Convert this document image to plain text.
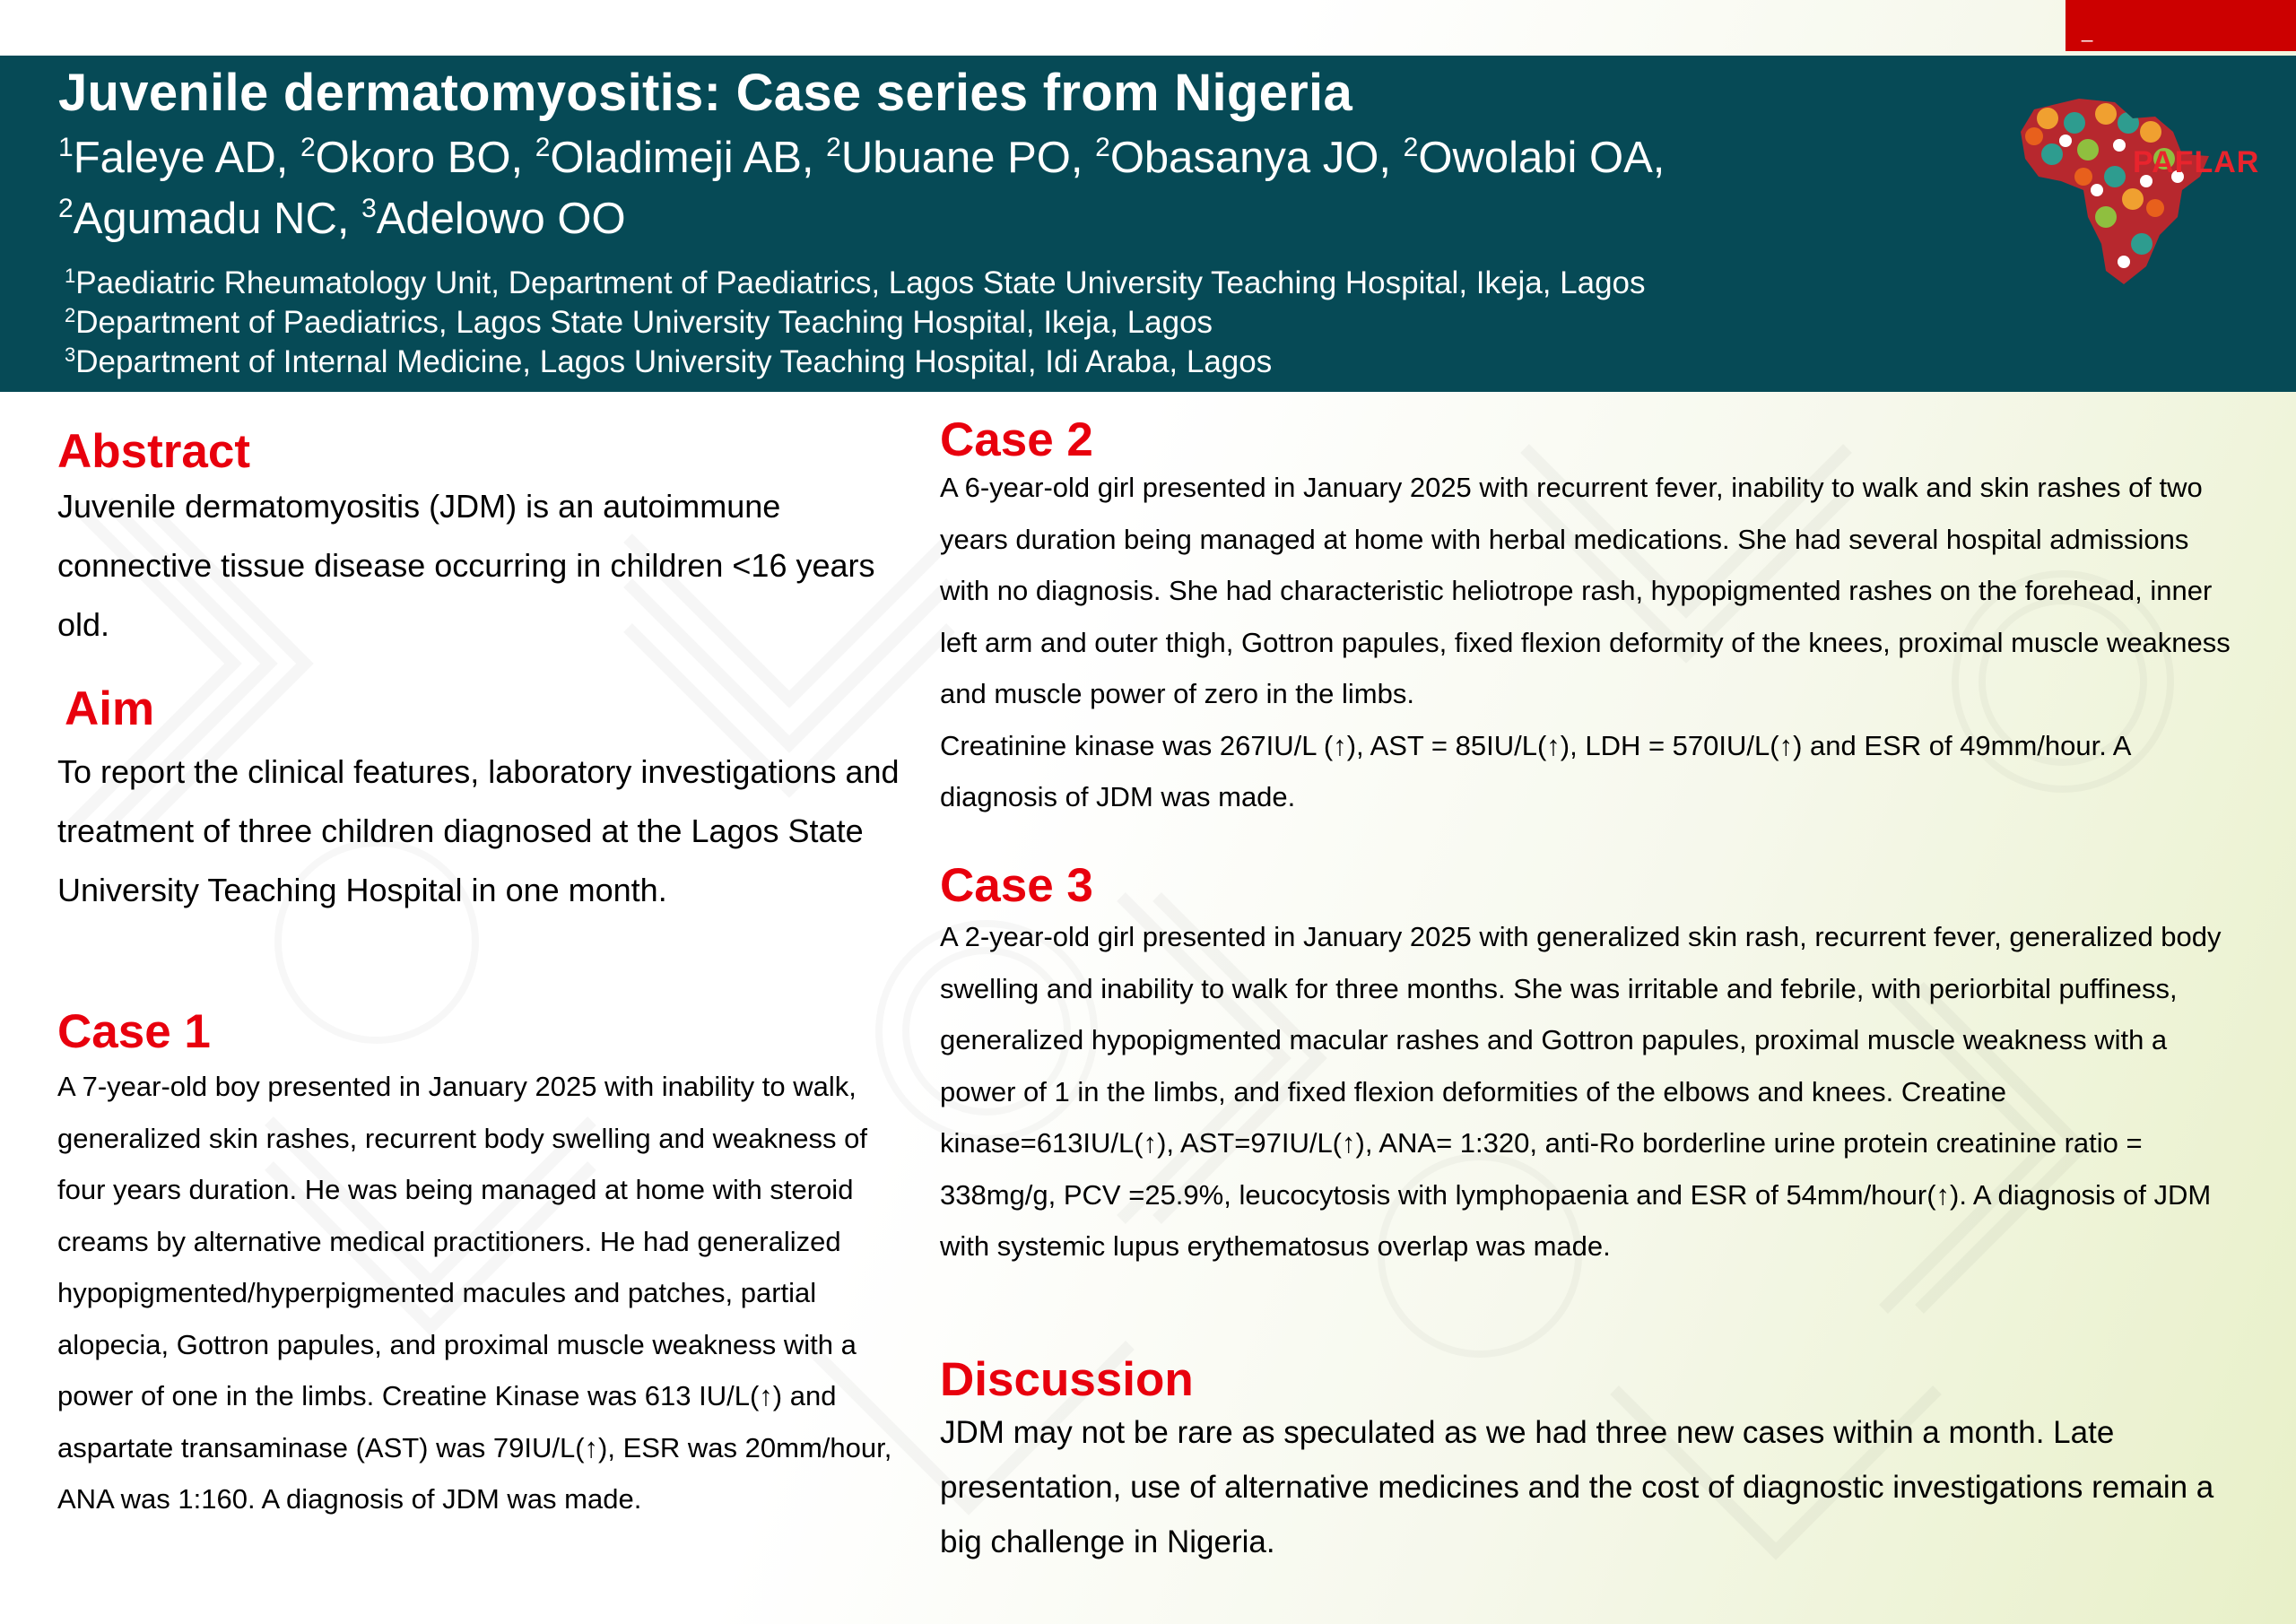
_
Juvenile dermatomyositis: Case series from Nigeria
$^1$Faleye AD, $^2$Okoro BO, $^2$Oladimeji AB, $^2$Ubuane PO, $^2$Obasanya JO, $^2$Owolabi OA,
$^2$Agumadu NC, $^3$Adelowo OO
$^1$Paediatric Rheumatology Unit, Department of Paediatrics, Lagos State University Teaching Hospital, Ikeja, Lagos
$^2$Department of Paediatrics, Lagos State University Teaching Hospital, Ikeja, Lagos
$^3$Department of Internal Medicine, Lagos University Teaching Hospital, Idi Araba, Lagos
PAFLAR
Abstract
Juvenile dermatomyositis (JDM) is an autoimmune connective tissue disease occurring in children <16 years old.
Aim
To report the clinical features, laboratory investigations and treatment of three children diagnosed at the Lagos State University Teaching Hospital in one month.
Case 1
A 7-year-old boy presented in January 2025 with inability to walk, generalized skin rashes, recurrent body swelling and weakness of four years duration. He was being managed at home with steroid creams by alternative medical practitioners. He had generalized hypopigmented/hyperpigmented macules and patches, partial alopecia, Gottron papules, and proximal muscle weakness with a power of one in the limbs. Creatine Kinase was 613 IU/L(↑) and aspartate transaminase (AST) was 79IU/L(↑), ESR was 20mm/hour, ANA was 1:160. A diagnosis of JDM was made.
Case 2
A 6-year-old girl presented in January 2025 with recurrent fever, inability to walk and skin rashes of two years duration being managed at home with herbal medications. She had several hospital admissions with no diagnosis. She had characteristic heliotrope rash, hypopigmented rashes on the forehead, inner left arm and outer thigh, Gottron papules, fixed flexion deformity of the knees, proximal muscle weakness and muscle power of zero in the limbs.
Creatinine kinase was 267IU/L (↑), AST = 85IU/L(↑), LDH = 570IU/L(↑) and ESR of 49mm/hour. A diagnosis of JDM was made.
Case 3
A 2-year-old girl presented in January 2025 with generalized skin rash, recurrent fever, generalized body swelling and inability to walk for three months. She was irritable and febrile, with periorbital puffiness, generalized hypopigmented macular rashes and Gottron papules, proximal muscle weakness with a power of 1 in the limbs, and fixed flexion deformities of the elbows and knees. Creatine kinase=613IU/L(↑), AST=97IU/L(↑), ANA= 1:320, anti-Ro borderline urine protein creatinine ratio = 338mg/g, PCV =25.9%, leucocytosis with lymphopaenia and ESR of 54mm/hour(↑). A diagnosis of JDM with systemic lupus erythematosus overlap was made.
Discussion
JDM may not be rare as speculated as we had three new cases within a month. Late presentation, use of alternative medicines and the cost of diagnostic investigations remain a big challenge in Nigeria.
